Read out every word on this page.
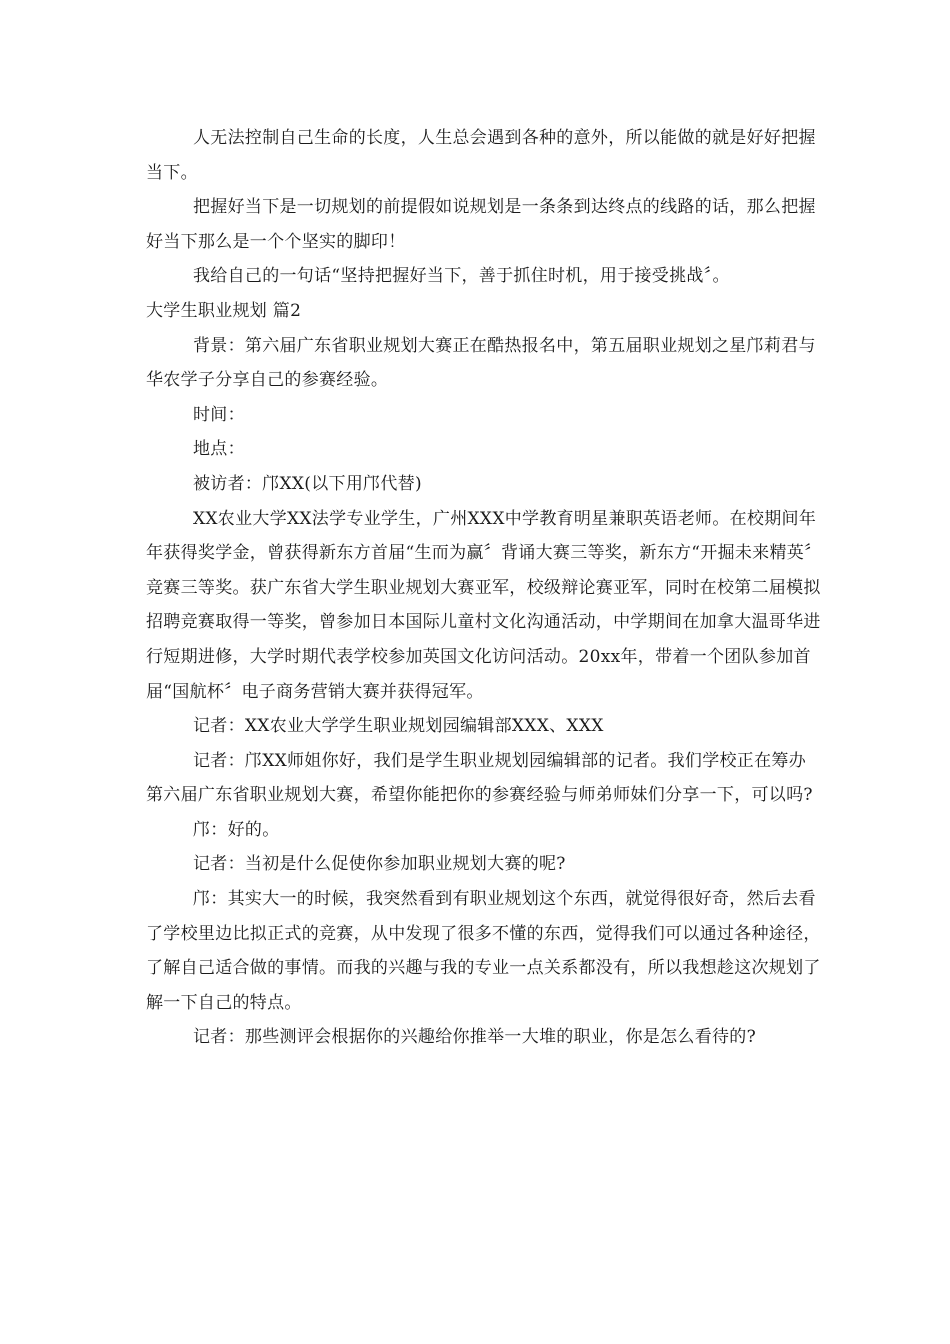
人无法控制自己生命的长度，人生总会遇到各种的意外，所以能做的就是好好把握当下。

把握好当下是一切规划的前提假如说规划是一条条到达终点的线路的话，那么把握好当下那么是一个个坚实的脚印！

我给自己的一句话“坚持把握好当下，善于抓住时机，用于接受挑战〞。

大学生职业规划 篇2

背景：第六届广东省职业规划大赛正在酷热报名中，第五届职业规划之星邝莉君与华农学子分享自己的参赛经验。

时间：

地点：

被访者：邝XX(以下用邝代替)

XX农业大学XX法学专业学生，广州XXX中学教育明星兼职英语老师。在校期间年年获得奖学金，曾获得新东方首届“生而为赢〞背诵大赛三等奖，新东方“开掘未来精英〞竞赛三等奖。获广东省大学生职业规划大赛亚军，校级辩论赛亚军，同时在校第二届模拟招聘竞赛取得一等奖，曾参加日本国际儿童村文化沟通活动，中学期间在加拿大温哥华进行短期进修，大学时期代表学校参加英国文化访问活动。20xx年，带着一个团队参加首届“国航杯〞电子商务营销大赛并获得冠军。

记者：XX农业大学学生职业规划园编辑部XXX、XXX

记者：邝XX师姐你好，我们是学生职业规划园编辑部的记者。我们学校正在筹办第六届广东省职业规划大赛，希望你能把你的参赛经验与师弟师妹们分享一下，可以吗?

邝：好的。

记者：当初是什么促使你参加职业规划大赛的呢?

邝：其实大一的时候，我突然看到有职业规划这个东西，就觉得很好奇，然后去看了学校里边比拟正式的竞赛，从中发现了很多不懂的东西，觉得我们可以通过各种途径，了解自己适合做的事情。而我的兴趣与我的专业一点关系都没有，所以我想趁这次规划了解一下自己的特点。

记者：那些测评会根据你的兴趣给你推举一大堆的职业，你是怎么看待的?
